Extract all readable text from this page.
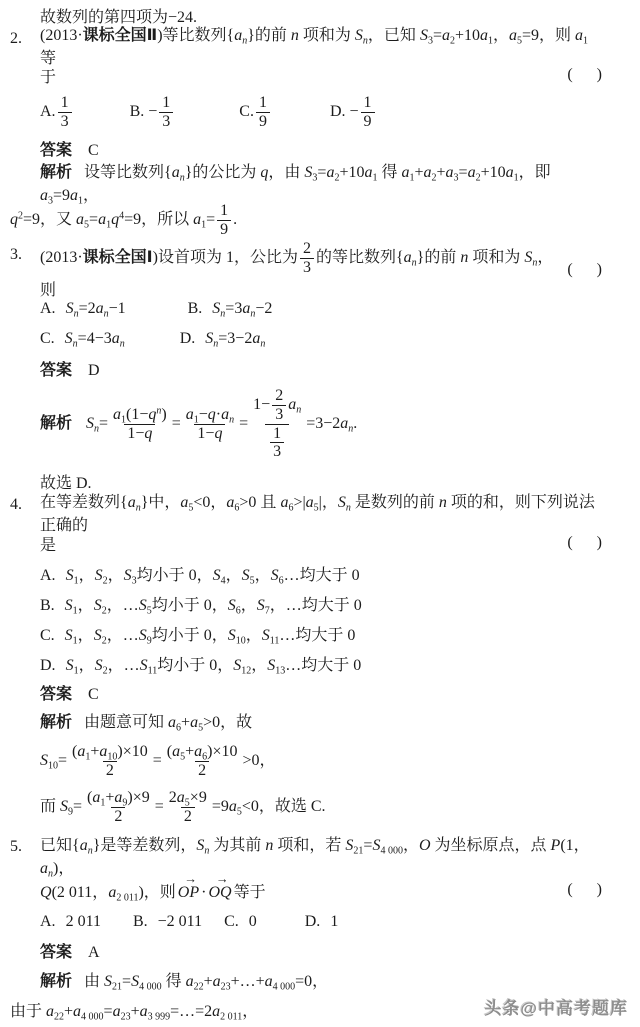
故数列的第四项为−24.
2.	(2013·课标全国Ⅱ)等比数列$\{a_n\}$的前 n 项和为 $S_n$，已知 $S_3=a_2+10a_1$，$a_5=9$，则 $a_1$ 等
于	(      )
A. $\frac{1}{3}$	B. − $\frac{1}{3}$	C. $\frac{1}{9}$	D. − $\frac{1}{9}$
答案 C
解析 设等比数列$\{a_n\}$的公比为 q，由 $S_3=a_2+10a_1$ 得 $a_1+a_2+a_3=a_2+10a_1$，即 $a_3=9a_1$，
$q^2=9$，又 $a_5=a_1q^4=9$，所以 $a_1= \frac{1}{9}$ .
3.	(2013·课标全国Ⅰ)设首项为 1，公比为 $\frac{2}{3}$ 的等比数列$\{a_n\}$的前 n 项和为 $S_n$，则
(      )
A. $S_n=2a_n-1$	B. $S_n=3a_n-2$
C. $S_n=4-3a_n$	D. $S_n=3-2a_n$
答案 D
解析 $S_n= \frac{a_1(1-q^n)}{1-q} = \frac{a_1-q\cdot a_n}{1-q} = \frac{1- \frac{2}{3} a_n}{\frac{1}{3}} =3-2a_n$.
故选 D.
4.	在等差数列$\{a_n\}$中，$a_5<0$，$a_6>0$ 且 $a_6>|a_5|$，$S_n$ 是数列的前 n 项的和，则下列说法正确的
是	(      )
A. $S_1$，$S_2$，$S_3$均小于 0，$S_4$，$S_5$，$S_6\dots$均大于 0
B. $S_1$，$S_2$，$\dots S_5$均小于 0，$S_6$，$S_7$，…均大于 0
C. $S_1$，$S_2$，$\dots S_9$均小于 0，$S_{10}$，$S_{11}\dots$均大于 0
D. $S_1$，$S_2$，$\dots S_{11}$均小于 0，$S_{12}$，$S_{13}\dots$均大于 0
答案 C
解析 由题意可知 $a_6+a_5>0$，故
$S_{10}= \frac{(a_1+a_{10})\times 10}{2} = \frac{(a_5+a_6)\times 10}{2} >0$，
而 $S_9= \frac{(a_1+a_9)\times 9}{2} = \frac{2a_5\times 9}{2} =9a_5<0$，故选 C.
5.	已知$\{a_n\}$是等差数列，$S_n$ 为其前 n 项和，若 $S_{21}=S_{4 000}$，O 为坐标原点，点 P(1，$a_n$)，
Q(2 011，$a_{2 011}$)，则
→
OP ·
→
OQ 等于	(      )
A. 2 011 B. −2 011 C. 0	D. 1
答案 A
解析 由 $S_{21}=S_{4 000}$ 得 $a_{22}+a_{23}+\dots+a_{4 000}=0$，
由于 $a_{22}+a_{4 000}=a_{23}+a_{3 999}=\dots=2a_{2 011}$，	头条@中高考题库
